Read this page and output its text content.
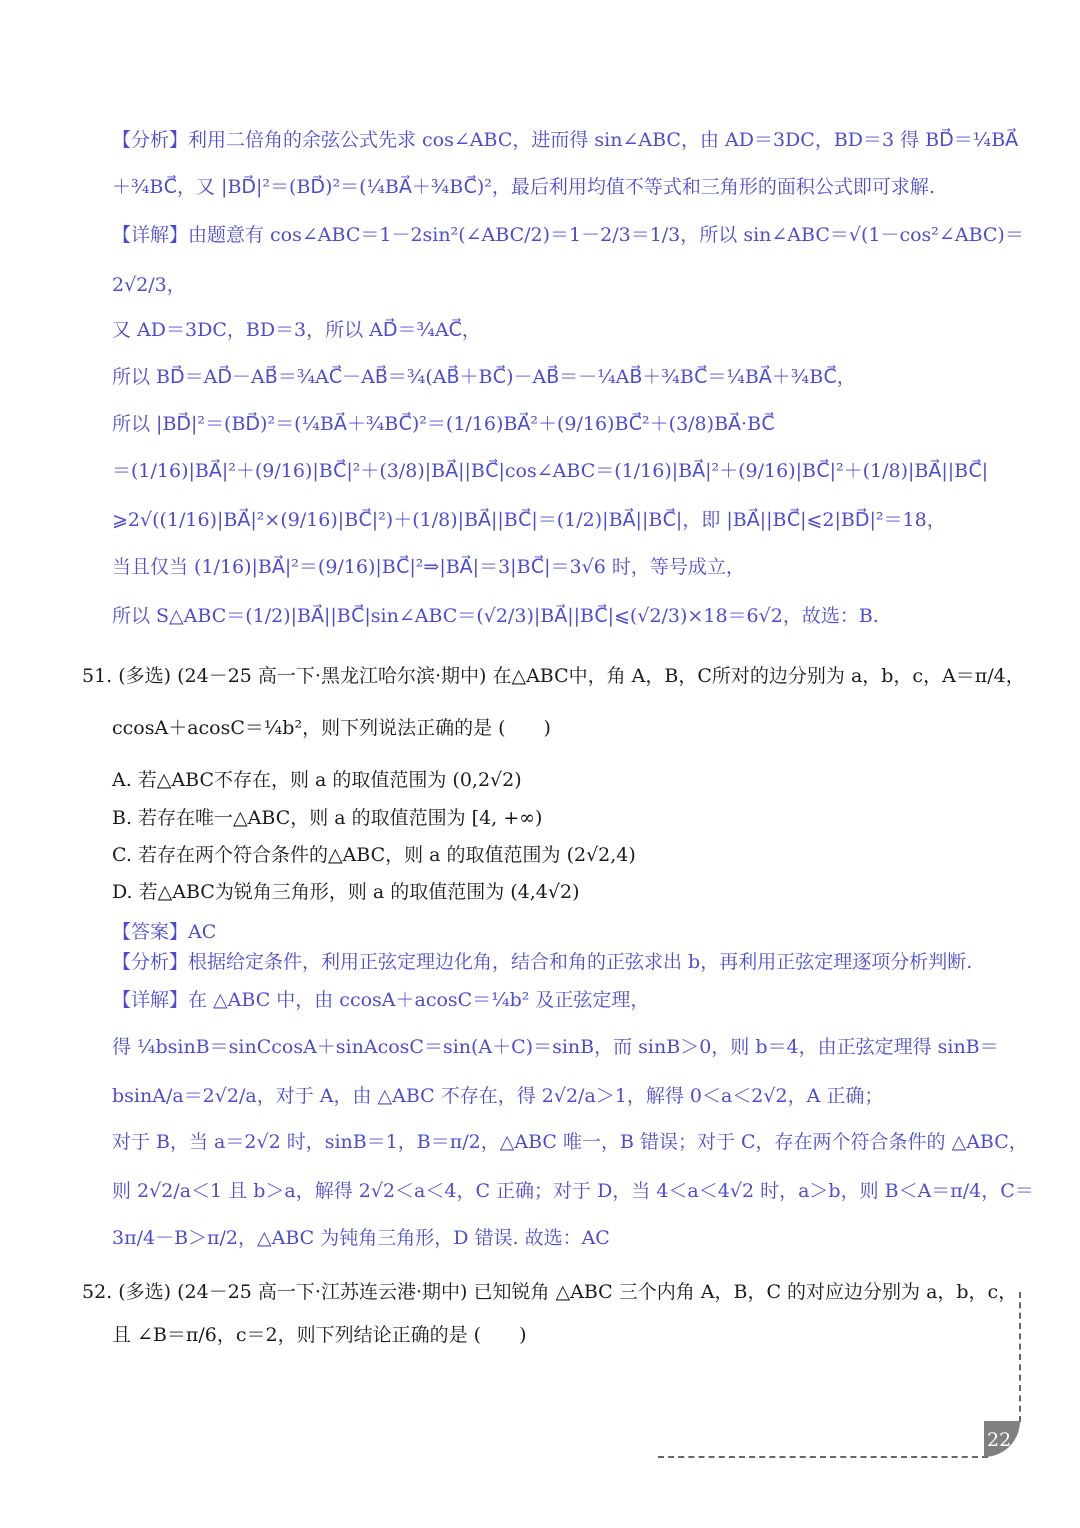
【分析】利用二倍角的余弦公式先求 cos∠ABC，进而得 sin∠ABC，由 AD＝3DC，BD＝3 得 BD⃗＝¼BA⃗
＋¾BC⃗，又 |BD⃗|²＝(BD⃗)²＝(¼BA⃗＋¾BC⃗)²，最后利用均值不等式和三角形的面积公式即可求解.
【详解】由题意有 cos∠ABC＝1－2sin²(∠ABC/2)＝1－2/3＝1/3，所以 sin∠ABC＝√(1－cos²∠ABC)＝
2√2/3，
又 AD＝3DC，BD＝3，所以 AD⃗＝¾AC⃗，
所以 BD⃗＝AD⃗－AB⃗＝¾AC⃗－AB⃗＝¾(AB⃗＋BC⃗)－AB⃗＝－¼AB⃗＋¾BC⃗＝¼BA⃗＋¾BC⃗，
所以 |BD⃗|²＝(BD⃗)²＝(¼BA⃗＋¾BC⃗)²＝(1/16)BA⃗²＋(9/16)BC⃗²＋(3/8)BA⃗·BC⃗
＝(1/16)|BA⃗|²＋(9/16)|BC⃗|²＋(3/8)|BA⃗||BC⃗|cos∠ABC＝(1/16)|BA⃗|²＋(9/16)|BC⃗|²＋(1/8)|BA⃗||BC⃗|
⩾2√((1/16)|BA⃗|²×(9/16)|BC⃗|²)＋(1/8)|BA⃗||BC⃗|＝(1/2)|BA⃗||BC⃗|，即 |BA⃗||BC⃗|⩽2|BD⃗|²＝18，
当且仅当 (1/16)|BA⃗|²＝(9/16)|BC⃗|²⇒|BA⃗|＝3|BC⃗|＝3√6 时，等号成立，
所以 S△ABC＝(1/2)|BA⃗||BC⃗|sin∠ABC＝(√2/3)|BA⃗||BC⃗|⩽(√2/3)×18＝6√2，故选：B.
51. (多选) (24－25 高一下·黑龙江哈尔滨·期中) 在△ABC中，角 A，B，C所对的边分别为 a，b，c，A＝π/4，
ccosA＋acosC＝¼b²，则下列说法正确的是 (　　)
A. 若△ABC不存在，则 a 的取值范围为 (0,2√2)
B. 若存在唯一△ABC，则 a 的取值范围为 [4, +∞)
C. 若存在两个符合条件的△ABC，则 a 的取值范围为 (2√2,4)
D. 若△ABC为锐角三角形，则 a 的取值范围为 (4,4√2)
【答案】AC
【分析】根据给定条件，利用正弦定理边化角，结合和角的正弦求出 b，再利用正弦定理逐项分析判断.
【详解】在 △ABC 中，由 ccosA＋acosC＝¼b² 及正弦定理，
得 ¼bsinB＝sinCcosA＋sinAcosC＝sin(A＋C)＝sinB，而 sinB＞0，则 b＝4，由正弦定理得 sinB＝
bsinA/a＝2√2/a，对于 A，由 △ABC 不存在，得 2√2/a＞1，解得 0＜a＜2√2，A 正确；
对于 B，当 a＝2√2 时，sinB＝1，B＝π/2，△ABC 唯一，B 错误；对于 C，存在两个符合条件的 △ABC，
则 2√2/a＜1 且 b＞a，解得 2√2＜a＜4，C 正确；对于 D，当 4＜a＜4√2 时，a＞b，则 B＜A＝π/4，C＝
3π/4－B＞π/2，△ABC 为钝角三角形，D 错误. 故选：AC
52. (多选) (24－25 高一下·江苏连云港·期中) 已知锐角 △ABC 三个内角 A，B，C 的对应边分别为 a，b，c，
且 ∠B＝π/6，c＝2，则下列结论正确的是 (　　)
22
